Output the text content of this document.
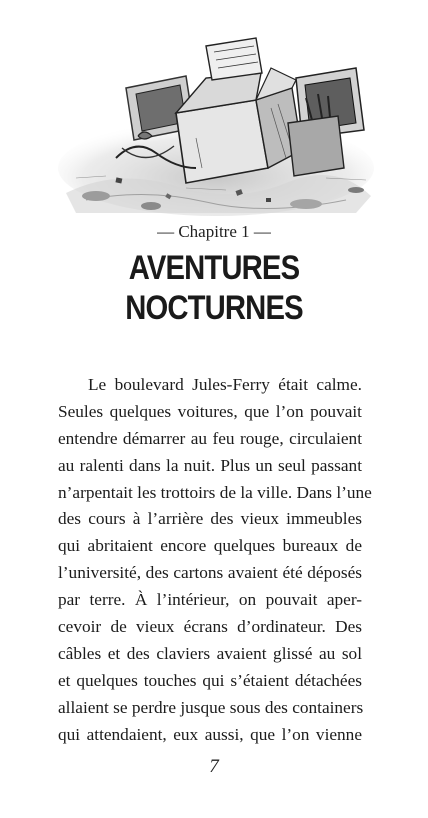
— Chapitre 1 —
AVENTURES
NOCTURNES
Le boulevard Jules-Ferry était calme.
Seules quelques voitures, que l’on pouvait
entendre démarrer au feu rouge, circulaient
au ralenti dans la nuit. Plus un seul passant
n’arpentait les trottoirs de la ville. Dans l’une
des cours à l’arrière des vieux immeubles
qui abritaient encore quelques bureaux de
l’université, des cartons avaient été déposés
par terre. À l’intérieur, on pouvait aper-
cevoir de vieux écrans d’ordinateur. Des
câbles et des claviers avaient glissé au sol
et quelques touches qui s’étaient détachées
allaient se perdre jusque sous des containers
qui attendaient, eux aussi, que l’on vienne
7
